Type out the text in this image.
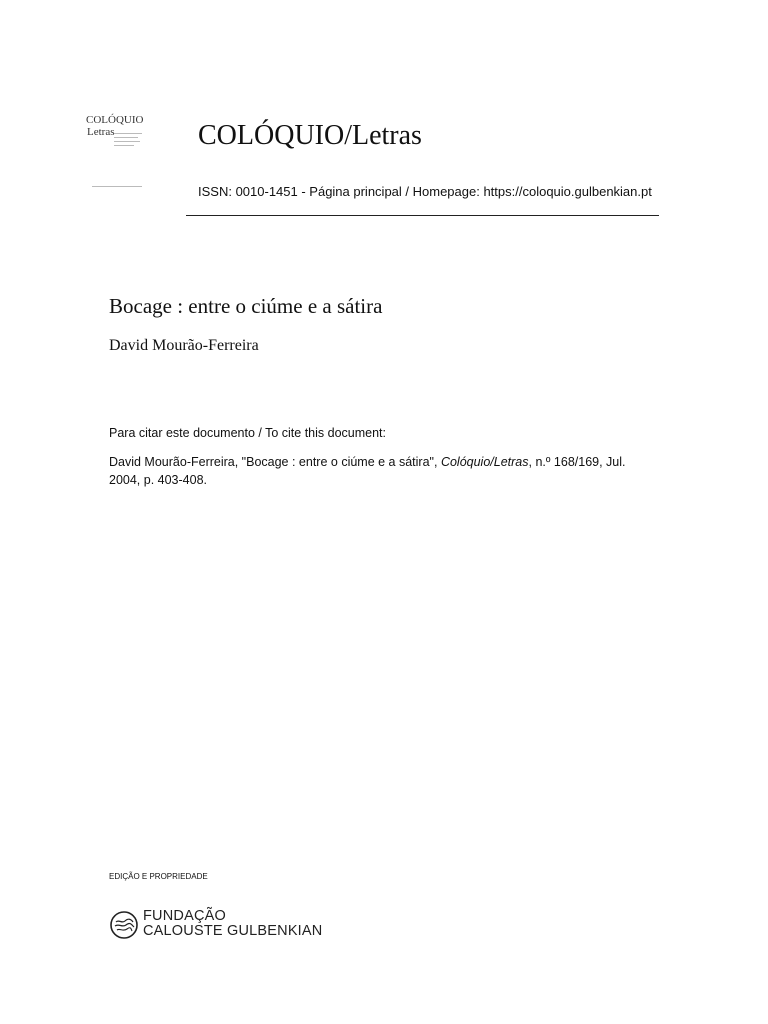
COLÓQUIO
Letras	COLÓQUIO/Letras
ISSN: 0010-1451 - Página principal / Homepage: https://coloquio.gulbenkian.pt
Bocage : entre o ciúme e a sátira
David Mourão-Ferreira
Para citar este documento / To cite this document:
David Mourão-Ferreira, "Bocage : entre o ciúme e a sátira", Colóquio/Letras, n.º 168/169, Jul. 2004, p. 403-408.
EDIÇÃO E PROPRIEDADE
FUNDAÇÃO
CALOUSTE GULBENKIAN
